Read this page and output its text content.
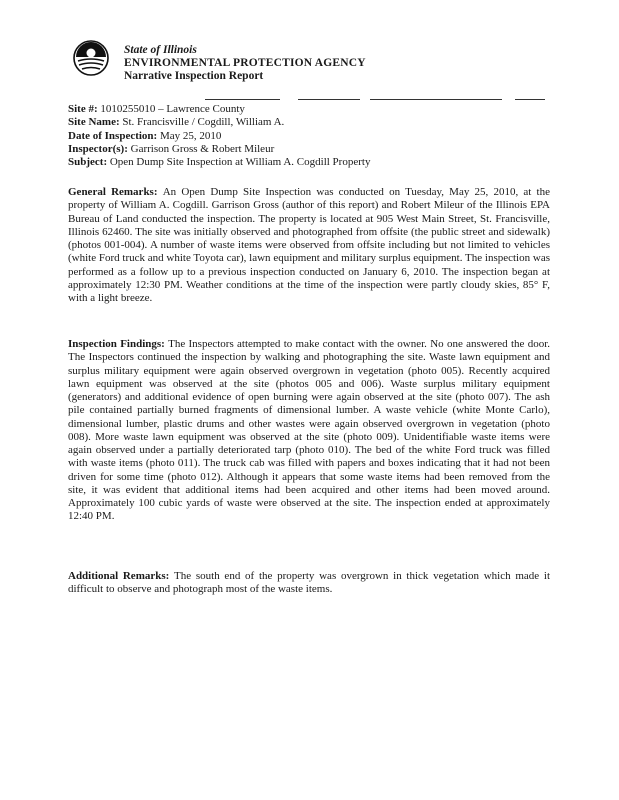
State of Illinois
ENVIRONMENTAL PROTECTION AGENCY
Narrative Inspection Report
Site #: 1010255010 – Lawrence County
Site Name: St. Francisville / Cogdill, William A.
Date of Inspection: May 25, 2010
Inspector(s): Garrison Gross & Robert Mileur
Subject: Open Dump Site Inspection at William A. Cogdill Property
General Remarks: An Open Dump Site Inspection was conducted on Tuesday, May 25, 2010, at the property of William A. Cogdill. Garrison Gross (author of this report) and Robert Mileur of the Illinois EPA Bureau of Land conducted the inspection. The property is located at 905 West Main Street, St. Francisville, Illinois 62460. The site was initially observed and photographed from offsite (the public street and sidewalk) (photos 001-004). A number of waste items were observed from offsite including but not limited to vehicles (white Ford truck and white Toyota car), lawn equipment and military surplus equipment. The inspection was performed as a follow up to a previous inspection conducted on January 6, 2010. The inspection began at approximately 12:30 PM. Weather conditions at the time of the inspection were partly cloudy skies, 85° F, with a light breeze.
Inspection Findings: The Inspectors attempted to make contact with the owner. No one answered the door. The Inspectors continued the inspection by walking and photographing the site. Waste lawn equipment and surplus military equipment were again observed overgrown in vegetation (photo 005). Recently acquired lawn equipment was observed at the site (photos 005 and 006). Waste surplus military equipment (generators) and additional evidence of open burning were again observed at the site (photo 007). The ash pile contained partially burned fragments of dimensional lumber. A waste vehicle (white Monte Carlo), dimensional lumber, plastic drums and other wastes were again observed overgrown in vegetation (photo 008). More waste lawn equipment was observed at the site (photo 009). Unidentifiable waste items were again observed under a partially deteriorated tarp (photo 010). The bed of the white Ford truck was filled with waste items (photo 011). The truck cab was filled with papers and boxes indicating that it had not been driven for some time (photo 012). Although it appears that some waste items had been removed from the site, it was evident that additional items had been acquired and other items had been moved around. Approximately 100 cubic yards of waste were observed at the site. The inspection ended at approximately 12:40 PM.
Additional Remarks: The south end of the property was overgrown in thick vegetation which made it difficult to observe and photograph most of the waste items.
